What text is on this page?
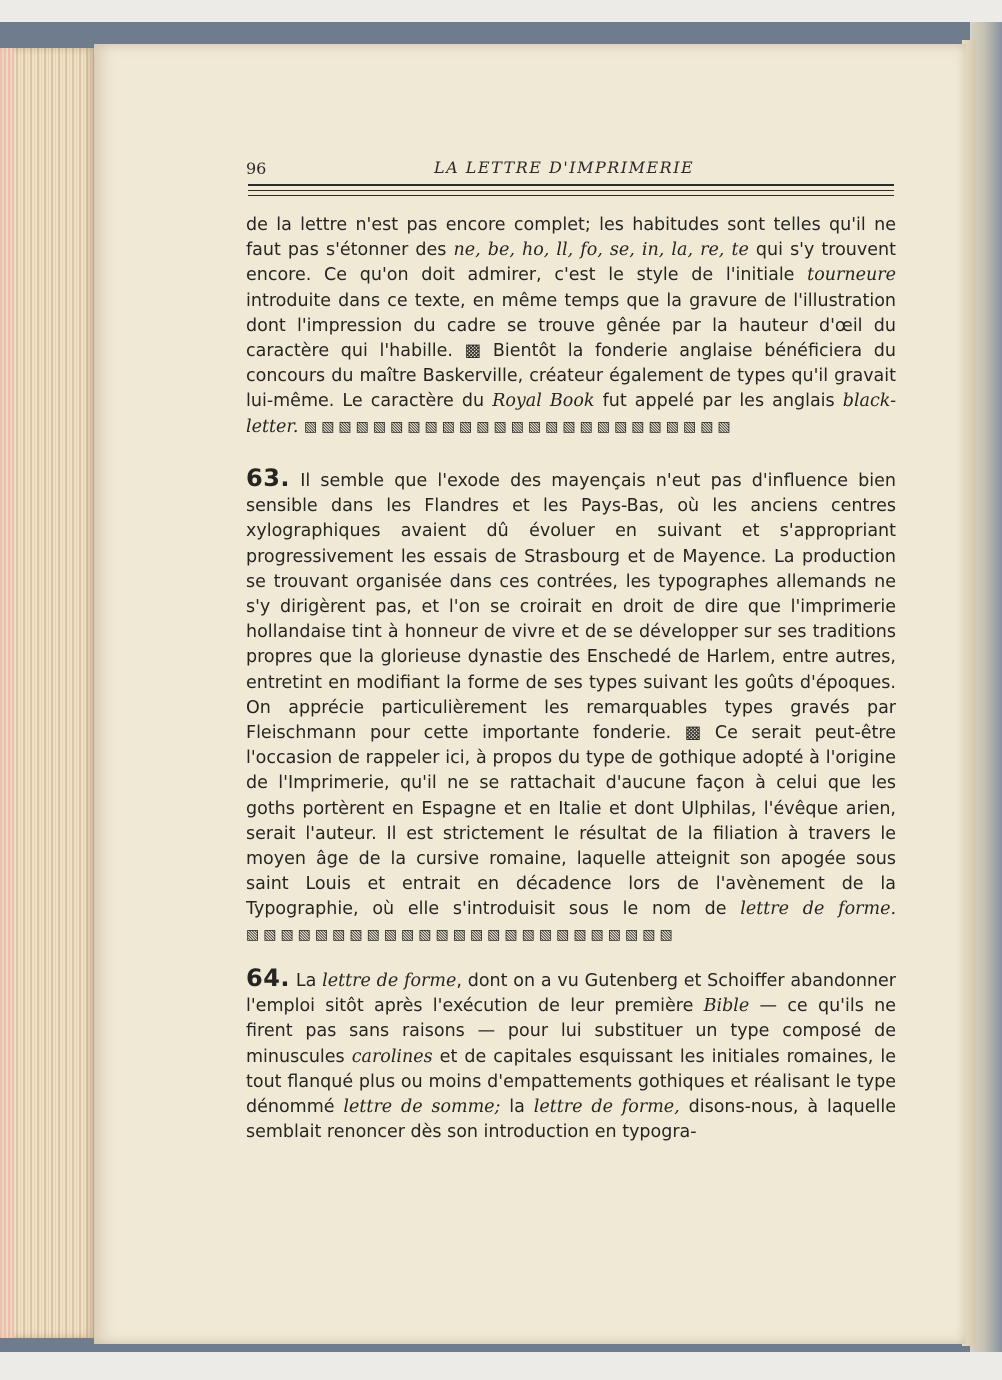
96	LA LETTRE D'IMPRIMERIE

de la lettre n'est pas encore complet; les habitudes sont telles qu'il ne faut pas s'étonner des ne, be, ho, ll, fo, se, in, la, re, te qui s'y trouvent encore. Ce qu'on doit admirer, c'est le style de l'initiale tourneure introduite dans ce texte, en même temps que la gravure de l'illustration dont l'impression du cadre se trouve gênée par la hauteur d'œil du caractère qui l'habille. ▩ Bientôt la fonderie anglaise bénéficiera du concours du maître Baskerville, créateur également de types qu'il gravait lui-même. Le caractère du Royal Book fut appelé par les anglais black-letter. ▧▧▧▧▧▧▧▧▧▧▧▧▧▧▧▧▧▧▧▧▧▧▧▧▧

63. Il semble que l'exode des mayençais n'eut pas d'influence bien sensible dans les Flandres et les Pays-Bas, où les anciens centres xylographiques avaient dû évoluer en suivant et s'appropriant progressivement les essais de Strasbourg et de Mayence. La production se trouvant organisée dans ces contrées, les typographes allemands ne s'y dirigèrent pas, et l'on se croirait en droit de dire que l'imprimerie hollandaise tint à honneur de vivre et de se développer sur ses traditions propres que la glorieuse dynastie des Enschedé de Harlem, entre autres, entretint en modifiant la forme de ses types suivant les goûts d'époques. On apprécie particulièrement les remarquables types gravés par Fleischmann pour cette importante fonderie. ▩ Ce serait peut-être l'occasion de rappeler ici, à propos du type de gothique adopté à l'origine de l'Imprimerie, qu'il ne se rattachait d'aucune façon à celui que les goths portèrent en Espagne et en Italie et dont Ulphilas, l'évêque arien, serait l'auteur. Il est strictement le résultat de la filiation à travers le moyen âge de la cursive romaine, laquelle atteignit son apogée sous saint Louis et entrait en décadence lors de l'avènement de la Typographie, où elle s'introduisit sous le nom de lettre de forme. ▧▧▧▧▧▧▧▧▧▧▧▧▧▧▧▧▧▧▧▧▧▧▧▧▧

64. La lettre de forme, dont on a vu Gutenberg et Schoiffer abandonner l'emploi sitôt après l'exécution de leur première Bible — ce qu'ils ne firent pas sans raisons — pour lui substituer un type composé de minuscules carolines et de capitales esquissant les initiales romaines, le tout flanqué plus ou moins d'empattements gothiques et réalisant le type dénommé lettre de somme; la lettre de forme, disons-nous, à laquelle semblait renoncer dès son introduction en typogra-
